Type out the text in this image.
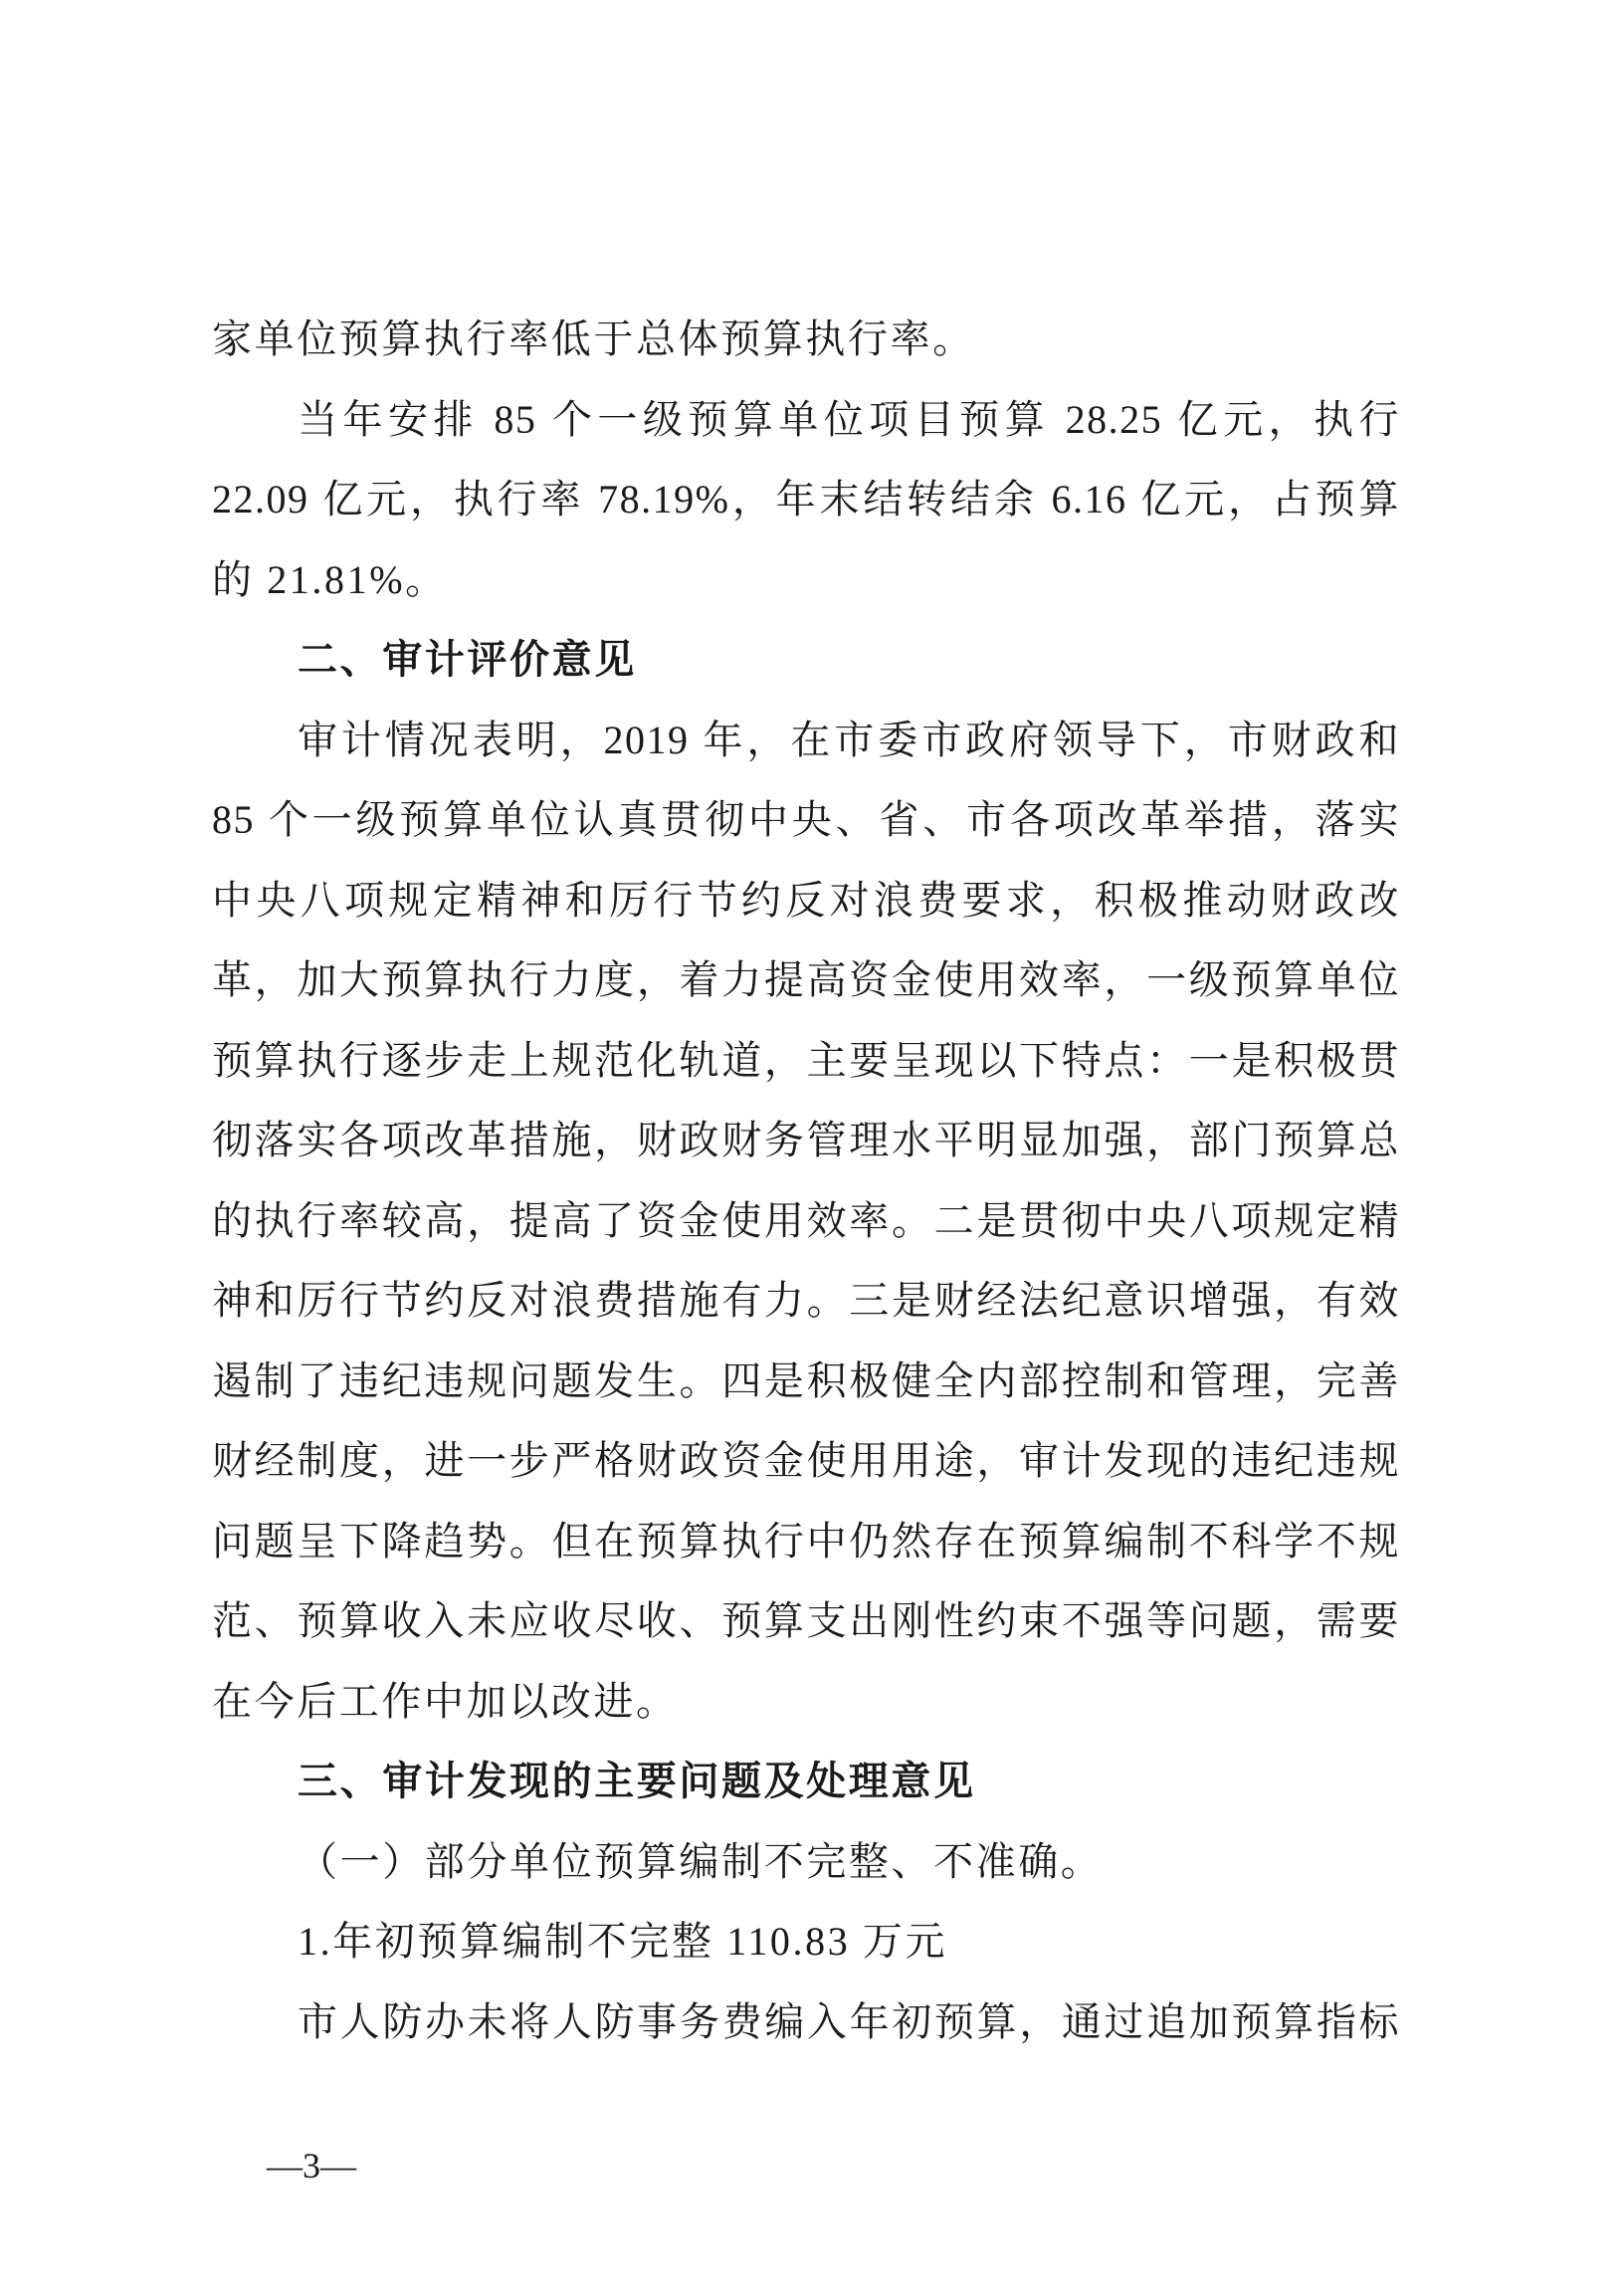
家单位预算执行率低于总体预算执行率。
当年安排 85 个一级预算单位项目预算 28.25 亿元，执行
22.09 亿元，执行率 78.19%，年末结转结余 6.16 亿元，占预算
的 21.81%。
二、审计评价意见
审计情况表明，2019 年，在市委市政府领导下，市财政和
85 个一级预算单位认真贯彻中央、省、市各项改革举措，落实
中央八项规定精神和厉行节约反对浪费要求，积极推动财政改
革，加大预算执行力度，着力提高资金使用效率，一级预算单位
预算执行逐步走上规范化轨道，主要呈现以下特点：一是积极贯
彻落实各项改革措施，财政财务管理水平明显加强，部门预算总
的执行率较高，提高了资金使用效率。二是贯彻中央八项规定精
神和厉行节约反对浪费措施有力。三是财经法纪意识增强，有效
遏制了违纪违规问题发生。四是积极健全内部控制和管理，完善
财经制度，进一步严格财政资金使用用途，审计发现的违纪违规
问题呈下降趋势。但在预算执行中仍然存在预算编制不科学不规
范、预算收入未应收尽收、预算支出刚性约束不强等问题，需要
在今后工作中加以改进。
三、审计发现的主要问题及处理意见
（一）部分单位预算编制不完整、不准确。
1.年初预算编制不完整 110.83 万元
市人防办未将人防事务费编入年初预算，通过追加预算指标
—3—
